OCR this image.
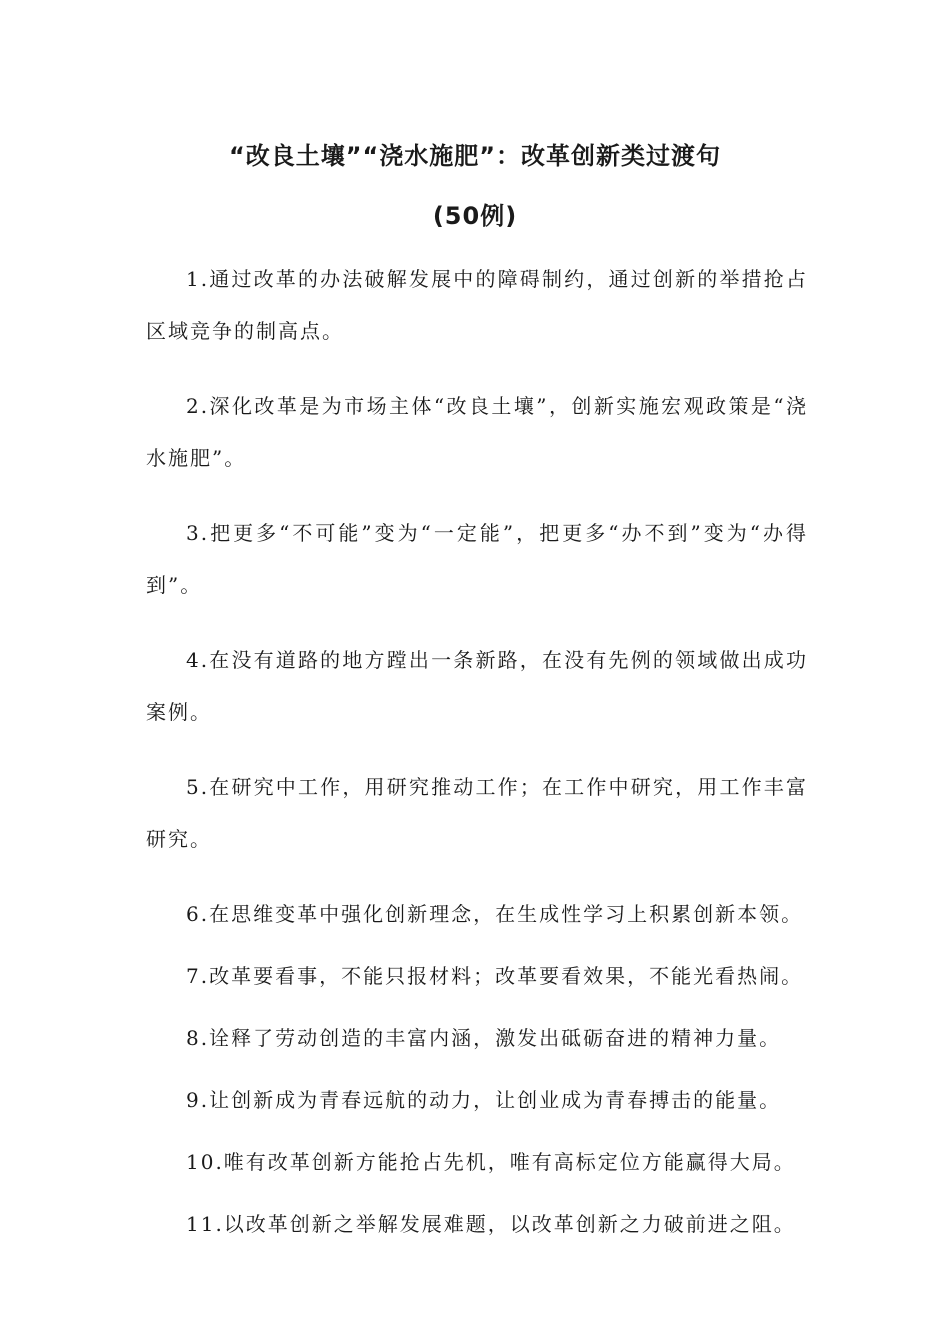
“改良土壤”“浇水施肥”：改革创新类过渡句
(50例)

1.通过改革的办法破解发展中的障碍制约，通过创新的举措抢占区域竞争的制高点。

2.深化改革是为市场主体“改良土壤”，创新实施宏观政策是“浇水施肥”。

3.把更多“不可能”变为“一定能”，把更多“办不到”变为“办得到”。

4.在没有道路的地方蹚出一条新路，在没有先例的领域做出成功案例。

5.在研究中工作，用研究推动工作；在工作中研究，用工作丰富研究。

6.在思维变革中强化创新理念，在生成性学习上积累创新本领。

7.改革要看事，不能只报材料；改革要看效果，不能光看热闹。

8.诠释了劳动创造的丰富内涵，激发出砥砺奋进的精神力量。

9.让创新成为青春远航的动力，让创业成为青春搏击的能量。

10.唯有改革创新方能抢占先机，唯有高标定位方能赢得大局。

11.以改革创新之举解发展难题，以改革创新之力破前进之阻。
